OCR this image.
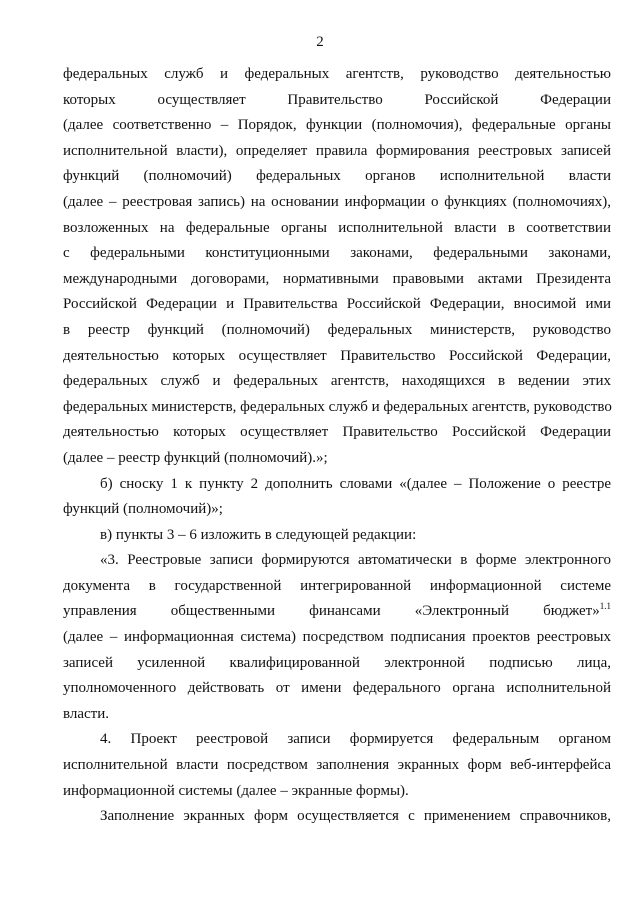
2

федеральных служб и федеральных агентств, руководство деятельностью
которых осуществляет Правительство Российской Федерации
(далее соответственно – Порядок, функции (полномочия), федеральные органы
исполнительной власти), определяет правила формирования реестровых записей
функций (полномочий) федеральных органов исполнительной власти
(далее – реестровая запись) на основании информации о функциях (полномочиях),
возложенных на федеральные органы исполнительной власти в соответствии
с федеральными конституционными законами, федеральными законами,
международными договорами, нормативными правовыми актами Президента
Российской Федерации и Правительства Российской Федерации, вносимой ими
в реестр функций (полномочий) федеральных министерств, руководство
деятельностью которых осуществляет Правительство Российской Федерации,
федеральных служб и федеральных агентств, находящихся в ведении этих
федеральных министерств, федеральных служб и федеральных агентств, руководство
деятельностью которых осуществляет Правительство Российской Федерации
(далее – реестр функций (полномочий).»;

б) сноску 1 к пункту 2 дополнить словами «(далее – Положение о реестре
функций (полномочий)»;

в) пункты 3 – 6 изложить в следующей редакции:

«3. Реестровые записи формируются автоматически в форме электронного
документа в государственной интегрированной информационной системе
управления общественными финансами «Электронный бюджет»$^{1.1}$
(далее – информационная система) посредством подписания проектов реестровых
записей усиленной квалифицированной электронной подписью лица,
уполномоченного действовать от имени федерального органа исполнительной
власти.

4. Проект реестровой записи формируется федеральным органом
исполнительной власти посредством заполнения экранных форм веб-интерфейса
информационной системы (далее – экранные формы).

Заполнение экранных форм осуществляется с применением справочников,
